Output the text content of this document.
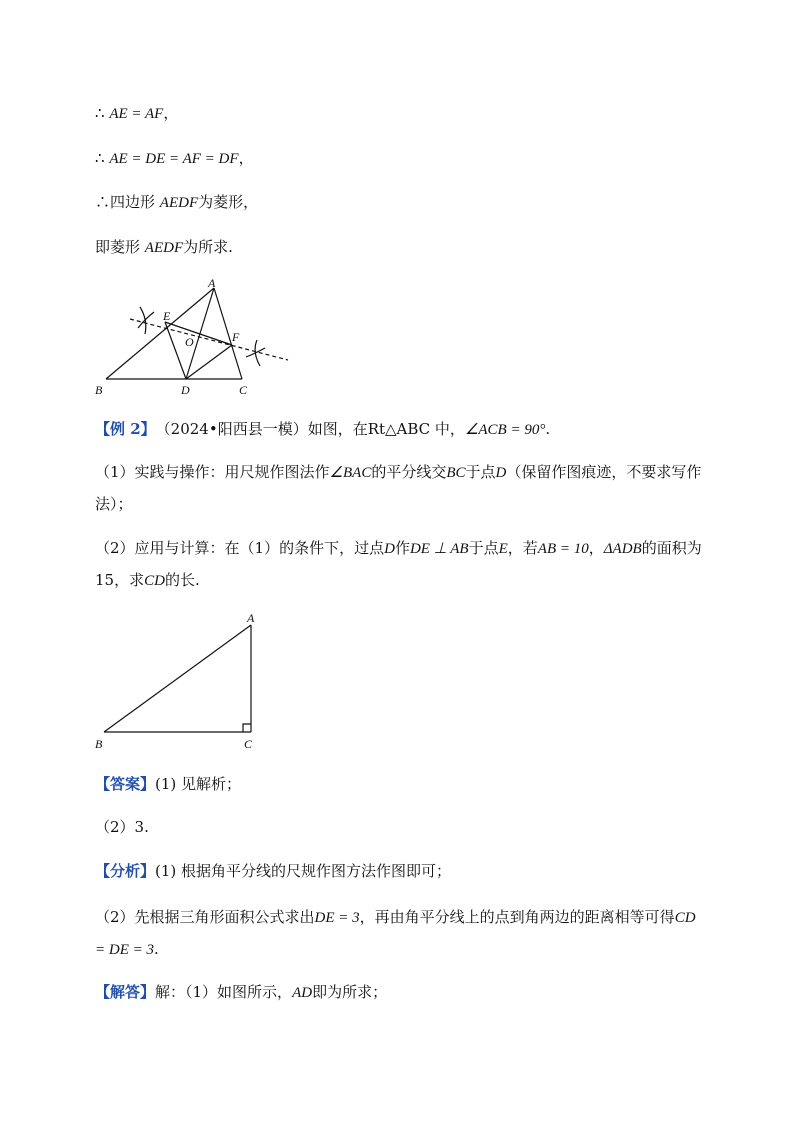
∴ AE = AF，
∴ AE = DE = AF = DF，
∴四边形 AEDF为菱形，
即菱形 AEDF为所求.
A
B	C
D
E
F
O
【例 2】　（2024•阳西县一模）如图，在Rt△ABC 中，∠ACB = 90°.
（1）实践与操作：用尺规作图法作∠BAC的平分线交BC于点D（保留作图痕迹，不要求写作法）；
（2）应用与计算：在（1）的条件下，过点D作DE ⊥ AB于点E，若AB = 10，ΔADB的面积为 15，求CD的长.
A
B	C
【答案】(1) 见解析；
（2）3.
【分析】(1) 根据角平分线的尺规作图方法作图即可；
（2）先根据三角形面积公式求出DE = 3，再由角平分线上的点到角两边的距离相等可得CD = DE = 3.
【解答】解：（1）如图所示，AD即为所求；
